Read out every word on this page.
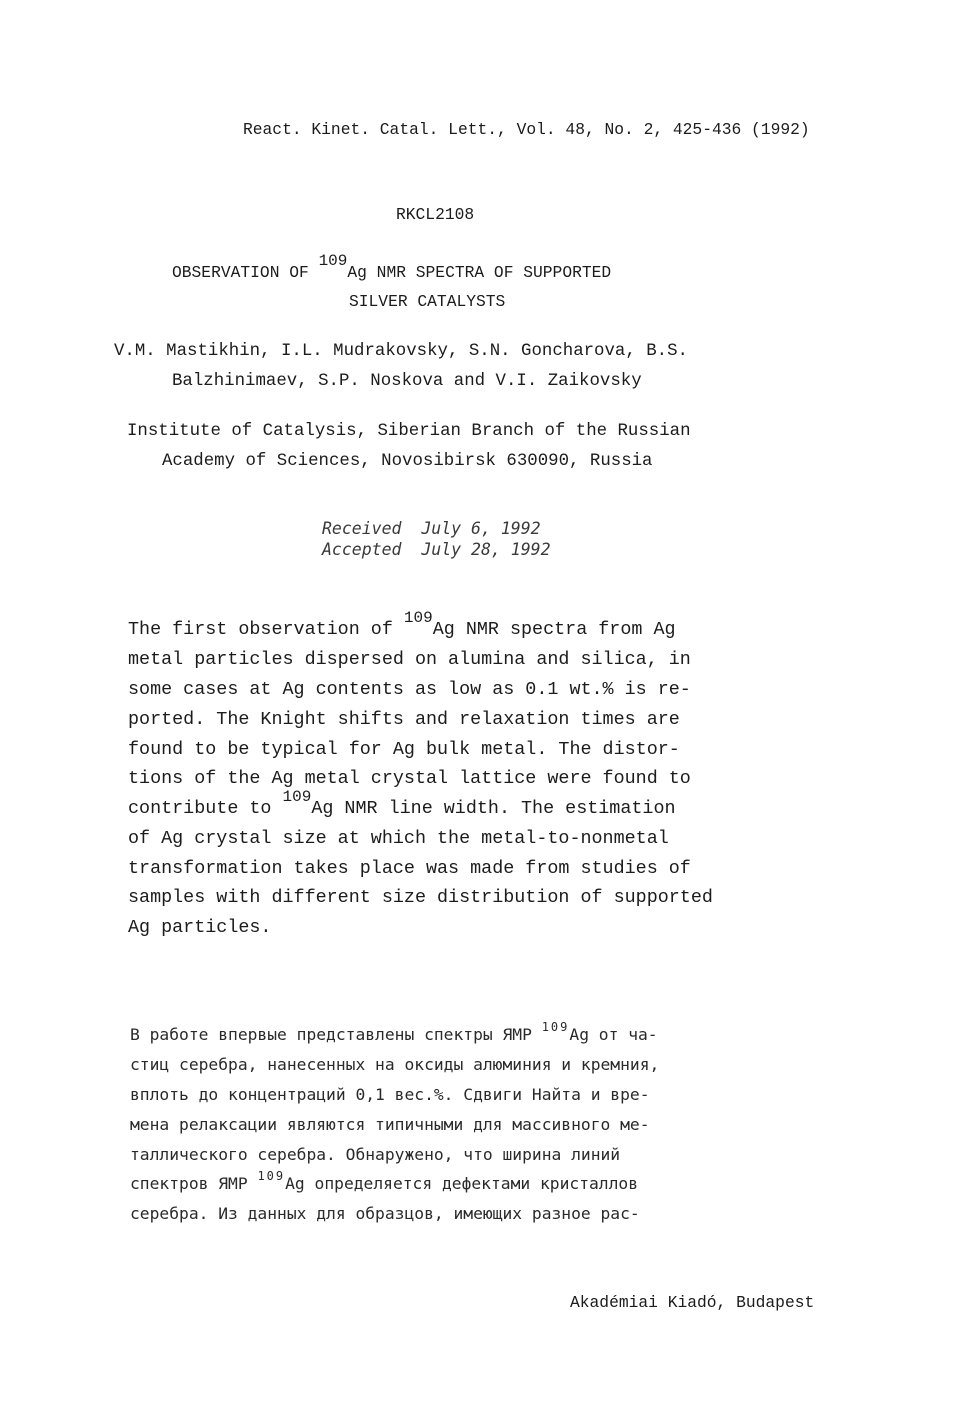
React. Kinet. Catal. Lett., Vol. 48, No. 2, 425-436 (1992)
RKCL2108
OBSERVATION OF 109Ag NMR SPECTRA OF SUPPORTED
SILVER CATALYSTS
V.M. Mastikhin, I.L. Mudrakovsky, S.N. Goncharova, B.S.
Balzhinimaev, S.P. Noskova and V.I. Zaikovsky
Institute of Catalysis, Siberian Branch of the Russian
Academy of Sciences, Novosibirsk 630090, Russia
Received July 6, 1992
Accepted July 28, 1992
The first observation of 109Ag NMR spectra from Ag
metal particles dispersed on alumina and silica, in
some cases at Ag contents as low as 0.1 wt.% is re-
ported. The Knight shifts and relaxation times are
found to be typical for Ag bulk metal. The distor-
tions of the Ag metal crystal lattice were found to
contribute to 109Ag NMR line width. The estimation
of Ag crystal size at which the metal-to-nonmetal
transformation takes place was made from studies of
samples with different size distribution of supported
Ag particles.
В работе впервые представлены спектры ЯМР $^{109}$Ag от ча-
стиц серебра, нанесенных на оксиды алюминия и кремния,
вплоть до концентраций 0,1 вес.%. Сдвиги Найта и вре-
мена релаксации являются типичными для массивного ме-
таллического серебра. Обнаружено, что ширина линий
спектров ЯМР $^{109}$Ag определяется дефектами кристаллов
серебра. Из данных для образцов, имеющих разное рас-
Akadémiai Kiadó, Budapest
